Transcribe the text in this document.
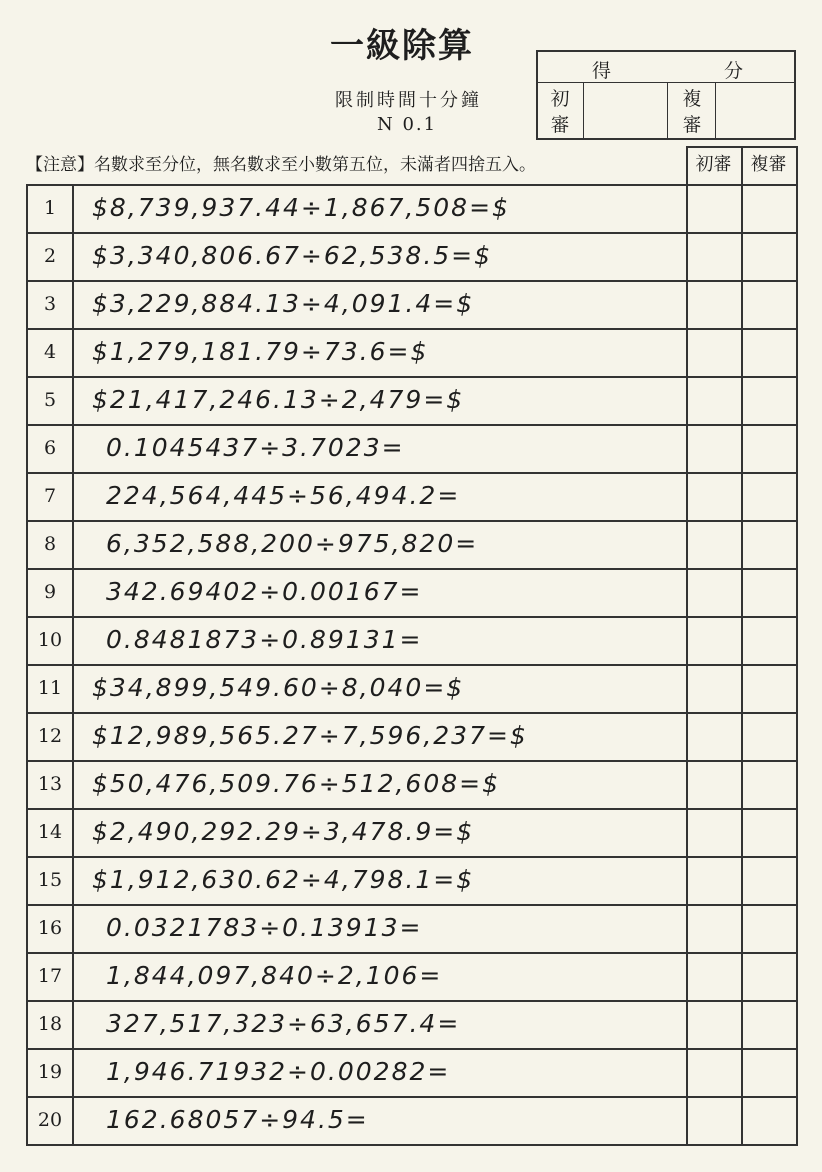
一級除算
限制時間十分鐘
N 0.1
得	分
初審
複審
【注意】名數求至分位，無名數求至小數第五位，未滿者四捨五入。	初審	複審
1	$8,739,937.44÷1,867,508=$
2	$3,340,806.67÷62,538.5=$
3	$3,229,884.13÷4,091.4=$
4	$1,279,181.79÷73.6=$
5	$21,417,246.13÷2,479=$
6	0.1045437÷3.7023=
7	224,564,445÷56,494.2=
8	6,352,588,200÷975,820=
9	342.69402÷0.00167=
10	0.8481873÷0.89131=
11	$34,899,549.60÷8,040=$
12	$12,989,565.27÷7,596,237=$
13	$50,476,509.76÷512,608=$
14	$2,490,292.29÷3,478.9=$
15	$1,912,630.62÷4,798.1=$
16	0.0321783÷0.13913=
17	1,844,097,840÷2,106=
18	327,517,323÷63,657.4=
19	1,946.71932÷0.00282=
20	162.68057÷94.5=
